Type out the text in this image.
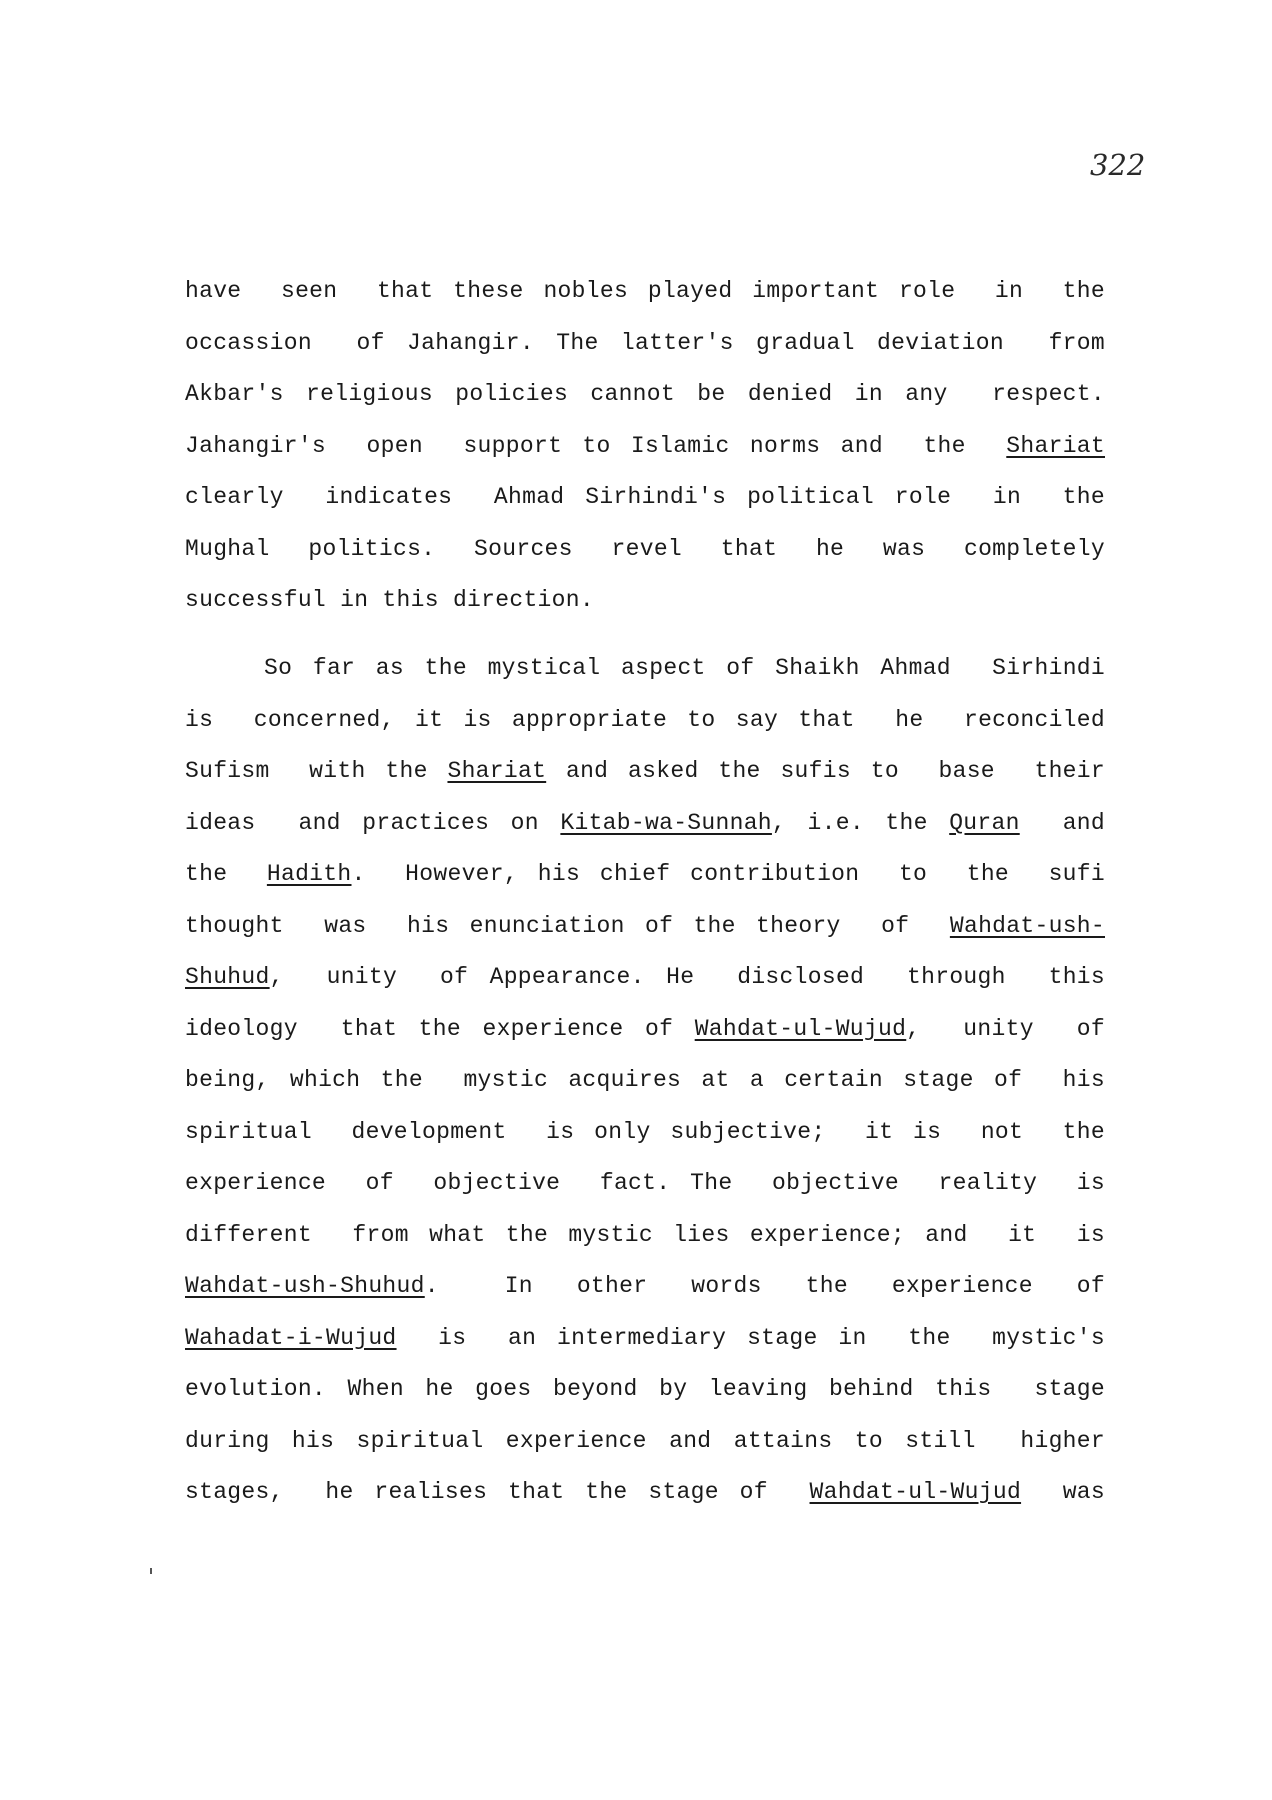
322
have  seen  that these nobles played important role  in  the
occassion  of Jahangir. The latter's gradual deviation  from
Akbar's religious policies cannot be denied in any  respect.
Jahangir's  open  support to Islamic norms and  the  Shariat
clearly  indicates  Ahmad Sirhindi's political role  in  the
Mughal  politics.  Sources  revel  that  he  was  completely
successful in this direction.
So far as the mystical aspect of Shaikh Ahmad  Sirhindi
is  concerned, it is appropriate to say that  he  reconciled
Sufism  with the Shariat and asked the sufis to  base  their
ideas  and practices on Kitab-wa-Sunnah, i.e. the Quran  and
the  Hadith.  However, his chief contribution  to  the  sufi
thought  was  his enunciation of the theory  of  Wahdat-ush-
Shuhud,  unity  of Appearance. He  disclosed  through  this
ideology  that the experience of Wahdat-ul-Wujud,  unity  of
being, which the  mystic acquires at a certain stage of  his
spiritual  development  is only subjective;  it is  not  the
experience  of  objective  fact. The  objective  reality  is
different  from what the mystic lies experience; and  it  is
Wahdat-ush-Shuhud.   In  other  words  the  experience  of
Wahadat-i-Wujud  is  an intermediary stage in  the  mystic's
evolution. When he goes beyond by leaving behind this  stage
during his spiritual experience and attains to still  higher
stages,  he realises that the stage of  Wahdat-ul-Wujud  was
